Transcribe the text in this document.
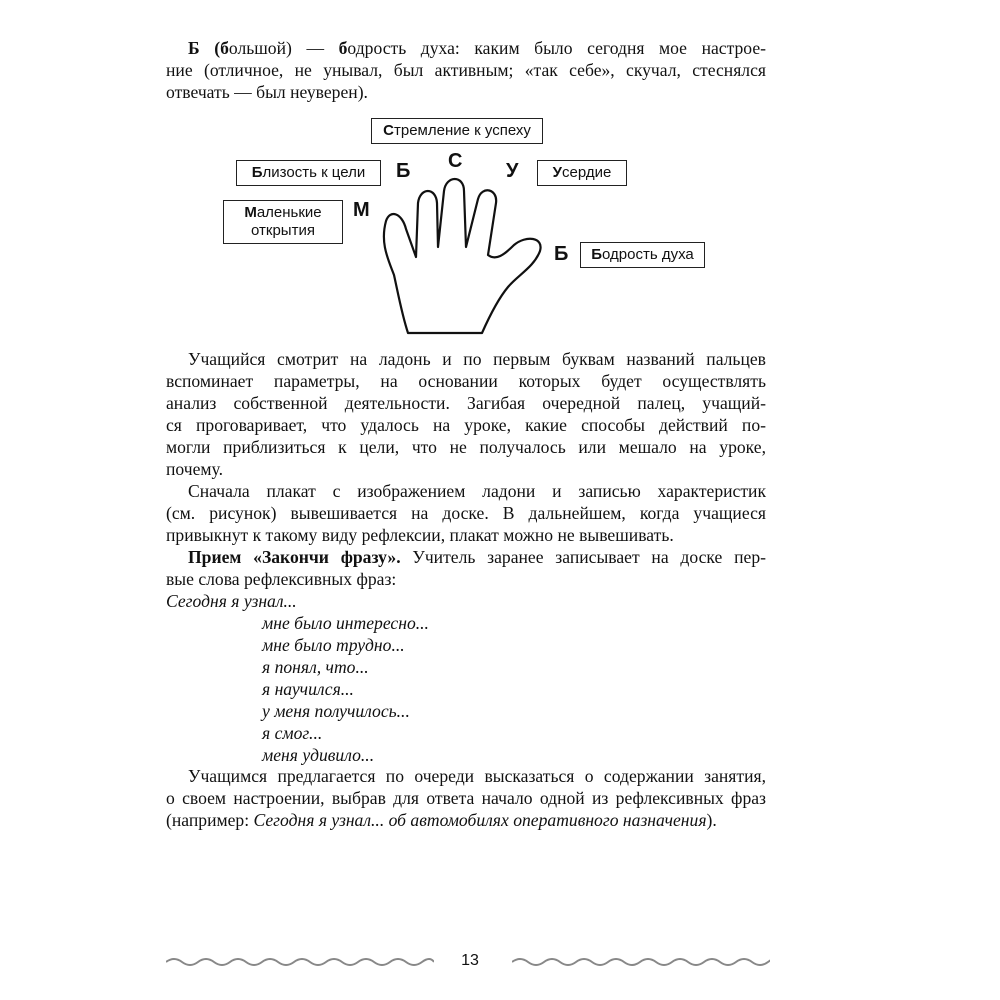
Б (большой) — бодрость духа: каким было сегодня мое настрое-
ние (отличное, не унывал, был активным; «так себе», скучал, стеснялся
отвечать — был неуверен).
Стремление к успеху
Близость к цели	Усердие
Маленькие
открытия
Бодрость духа
Б С У
М
Б
Учащийся смотрит на ладонь и по первым буквам названий пальцев
вспоминает параметры, на основании которых будет осуществлять
анализ собственной деятельности. Загибая очередной палец, учащий-
ся проговаривает, что удалось на уроке, какие способы действий по-
могли приблизиться к цели, что не получалось или мешало на уроке,
почему.
Сначала плакат с изображением ладони и записью характеристик
(см. рисунок) вывешивается на доске. В дальнейшем, когда учащиеся
привыкнут к такому виду рефлексии, плакат можно не вывешивать.
Прием «Закончи фразу». Учитель заранее записывает на доске пер-
вые слова рефлексивных фраз:
Сегодня я узнал...
мне было интересно...
мне было трудно...
я понял, что...
я научился...
у меня получилось...
я смог...
меня удивило...
Учащимся предлагается по очереди высказаться о содержании занятия,
о своем настроении, выбрав для ответа начало одной из рефлексивных фраз
(например: Сегодня я узнал... об автомобилях оперативного назначения).
13
